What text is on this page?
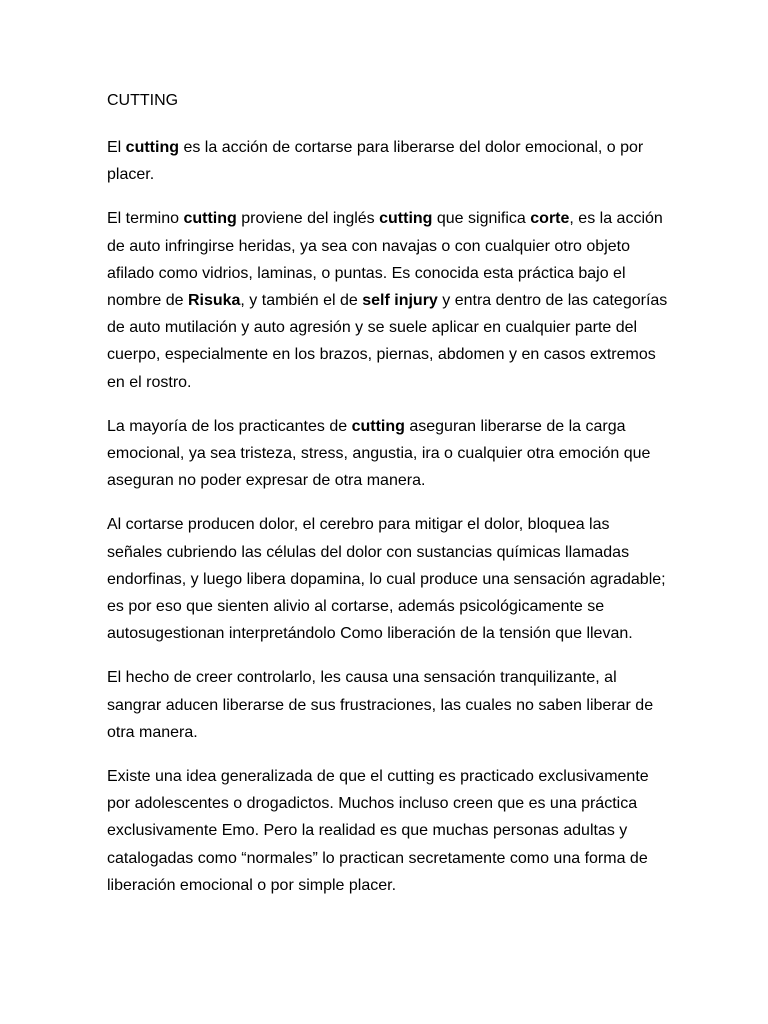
CUTTING

El cutting es la acción de cortarse para liberarse del dolor emocional, o por placer.

El termino cutting proviene del inglés cutting que significa corte, es la acción de auto infringirse heridas, ya sea con navajas o con cualquier otro objeto afilado como vidrios, laminas, o puntas. Es conocida esta práctica bajo el nombre de Risuka, y también el de self injury y entra dentro de las categorías de auto mutilación y auto agresión y se suele aplicar en cualquier parte del cuerpo, especialmente en los brazos, piernas, abdomen y en casos extremos en el rostro.

La mayoría de los practicantes de cutting aseguran liberarse de la carga emocional, ya sea tristeza, stress, angustia, ira o cualquier otra emoción que aseguran no poder expresar de otra manera.

Al cortarse producen dolor, el cerebro para mitigar el dolor, bloquea las señales cubriendo las células del dolor con sustancias químicas llamadas endorfinas, y luego libera dopamina, lo cual produce una sensación agradable; es por eso que sienten alivio al cortarse, además psicológicamente se autosugestionan interpretándolo Como liberación de la tensión que llevan.

El hecho de creer controlarlo, les causa una sensación tranquilizante, al sangrar aducen liberarse de sus frustraciones, las cuales no saben liberar de otra manera.

Existe una idea generalizada de que el cutting es practicado exclusivamente por adolescentes o drogadictos. Muchos incluso creen que es una práctica exclusivamente Emo. Pero la realidad es que muchas personas adultas y catalogadas como “normales” lo practican secretamente como una forma de liberación emocional o por simple placer.
